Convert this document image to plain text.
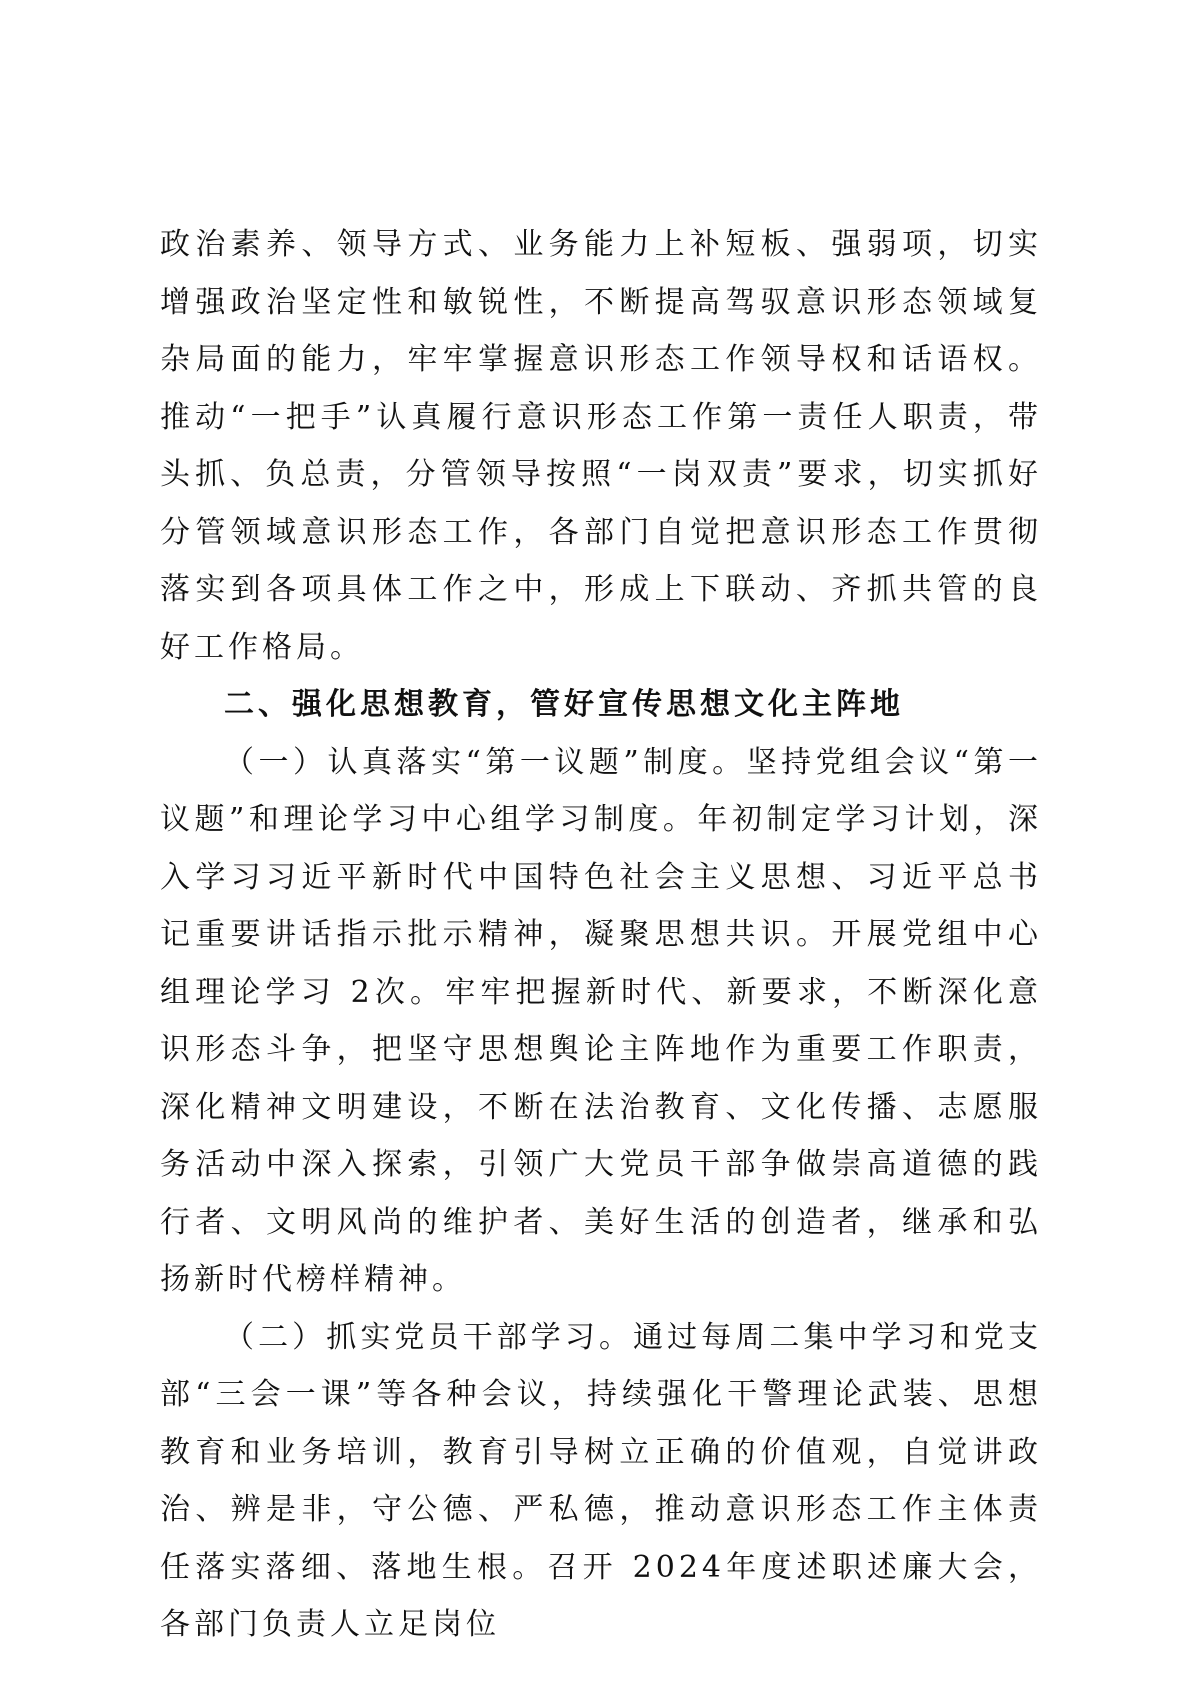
政治素养、领导方式、业务能力上补短板、强弱项，切实增强政治坚定性和敏锐性，不断提高驾驭意识形态领域复杂局面的能力，牢牢掌握意识形态工作领导权和话语权。推动“一把手”认真履行意识形态工作第一责任人职责，带头抓、负总责，分管领导按照“一岗双责”要求，切实抓好分管领域意识形态工作，各部门自觉把意识形态工作贯彻落实到各项具体工作之中，形成上下联动、齐抓共管的良好工作格局。

二、强化思想教育，管好宣传思想文化主阵地

（一）认真落实“第一议题”制度。坚持党组会议“第一议题”和理论学习中心组学习制度。年初制定学习计划，深入学习习近平新时代中国特色社会主义思想、习近平总书记重要讲话指示批示精神，凝聚思想共识。开展党组中心组理论学习 2次。牢牢把握新时代、新要求，不断深化意识形态斗争，把坚守思想舆论主阵地作为重要工作职责，深化精神文明建设，不断在法治教育、文化传播、志愿服务活动中深入探索，引领广大党员干部争做崇高道德的践行者、文明风尚的维护者、美好生活的创造者，继承和弘扬新时代榜样精神。

（二）抓实党员干部学习。通过每周二集中学习和党支部“三会一课”等各种会议，持续强化干警理论武装、思想教育和业务培训，教育引导树立正确的价值观，自觉讲政治、辨是非，守公德、严私德，推动意识形态工作主体责任落实落细、落地生根。召开 2024年度述职述廉大会，各部门负责人立足岗位
